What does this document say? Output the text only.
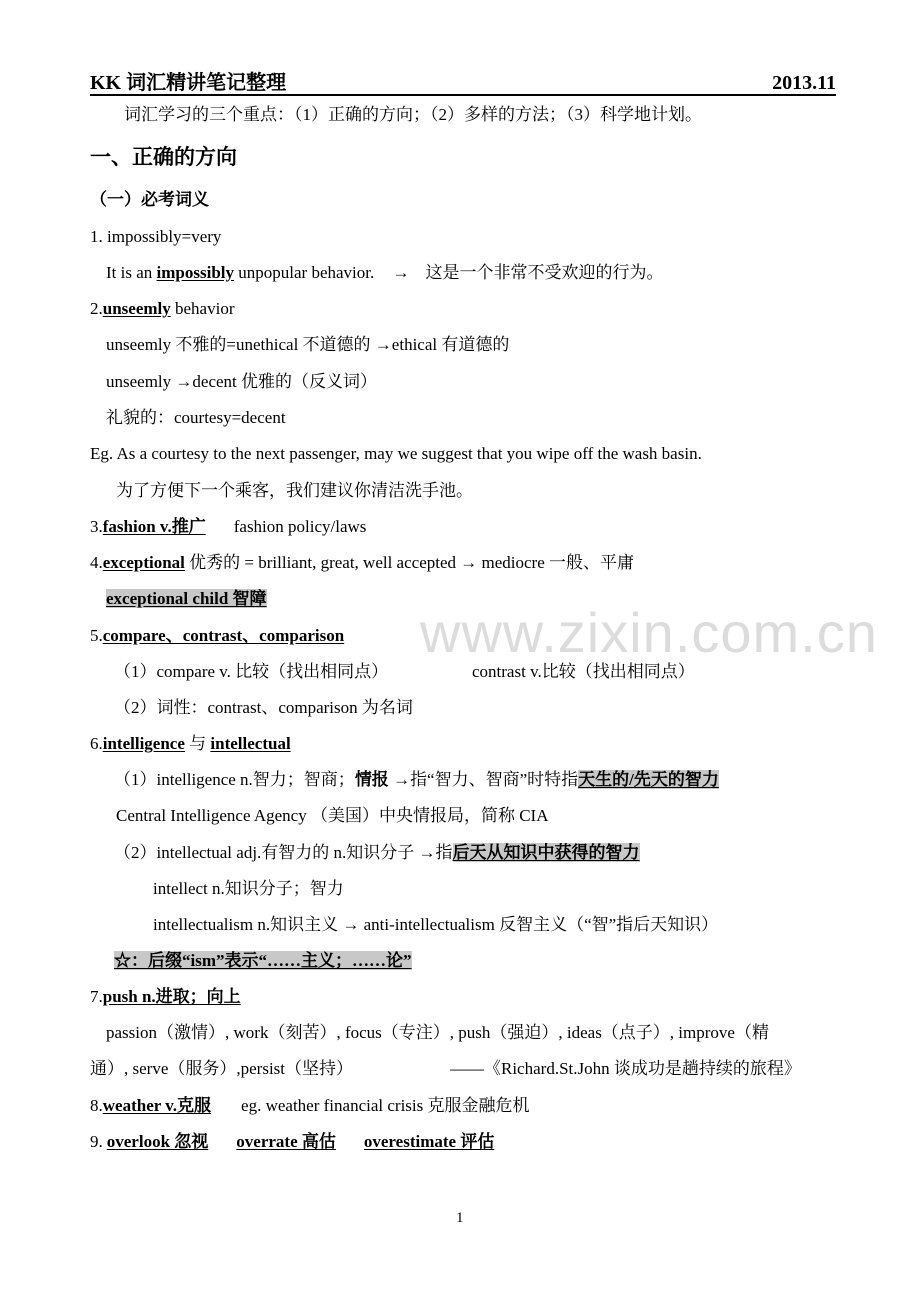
KK 词汇精讲笔记整理	2013.11
词汇学习的三个重点：（1）正确的方向；（2）多样的方法；（3）科学地计划。
一、正确的方向
（一）必考词义
1. impossibly=very
It is an impossibly unpopular behavior. → 这是一个非常不受欢迎的行为。
2.unseemly behavior
unseemly 不雅的=unethical 不道德的 →ethical 有道德的
unseemly →decent 优雅的（反义词）
礼貌的：courtesy=decent
Eg. As a courtesy to the next passenger, may we suggest that you wipe off the wash basin.
为了方便下一个乘客，我们建议你清洁洗手池。
3.fashion v.推广 fashion policy/laws
4.exceptional 优秀的 = brilliant, great, well accepted → mediocre 一般、平庸
exceptional child 智障
5.compare、contrast、comparison
（1）compare v. 比较（找出相同点）	contrast v.比较（找出相同点）
（2）词性：contrast、comparison 为名词
6.intelligence 与 intellectual
（1）intelligence n.智力；智商；情报 →指“智力、智商”时特指天生的/先天的智力
Central Intelligence Agency （美国）中央情报局，简称 CIA
（2）intellectual adj.有智力的 n.知识分子 →指后天从知识中获得的智力
intellect n.知识分子；智力
intellectualism n.知识主义 → anti-intellectualism 反智主义（“智”指后天知识）
☆：后缀“ism”表示“……主义；……论”
7.push n.进取；向上
passion（激情）, work（刻苦）, focus（专注）, push（强迫）, ideas（点子）, improve（精
通）, serve（服务）,persist（坚持）	——《Richard.St.John 谈成功是趟持续的旅程》
8.weather v.克服 eg. weather financial crisis 克服金融危机
9. overlook 忽视 overrate 高估 overestimate 评估
www.zixin.com.cn
1
